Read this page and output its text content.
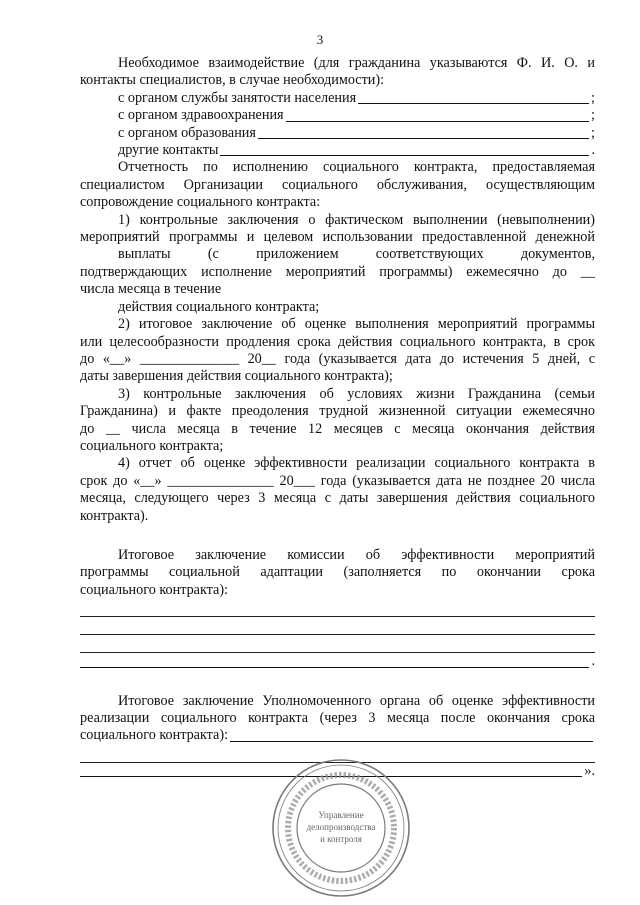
3

Необходимое взаимодействие (для гражданина указываются Ф. И. О. и

контакты специалистов, в случае необходимости):

с органом службы занятости населения	;
с органом здравоохранения	;
с органом образования	;
другие контакты	.

Отчетность по исполнению социального контракта, предоставляемая

специалистом Организации социального обслуживания, осуществляющим

сопровождение социального контракта:

1) контрольные заключения о фактическом выполнении (невыполнении)

мероприятий программы и целевом использовании предоставленной денежной

выплаты (с приложением соответствующих документов,

подтверждающих исполнение мероприятий программы) ежемесячно до __

числа месяца в течение

действия социального контракта;

2) итоговое заключение об оценке выполнения мероприятий программы

или целесообразности продления срока действия социального контракта, в срок

до «__» ______________ 20__ года (указывается дата до истечения 5 дней, с

даты завершения действия социального контракта);

3) контрольные заключения об условиях жизни Гражданина (семьи

Гражданина) и факте преодоления трудной жизненной ситуации ежемесячно

до __ числа месяца в течение 12 месяцев с месяца окончания действия

социального контракта;

4) отчет об оценке эффективности реализации социального контракта в

срок до «__» _______________ 20___ года (указывается дата не позднее 20 числа

месяца, следующего через 3 месяца с даты завершения действия социального

контракта).

Итоговое заключение комиссии об эффективности мероприятий

программы социальной адаптации (заполняется по окончании срока

социального контракта):

.

Итоговое заключение Уполномоченного органа об оценке эффективности

реализации социального контракта (через 3 месяца после окончания срока

социального контракта):
».
Управление
делопроизводства
и контроля
